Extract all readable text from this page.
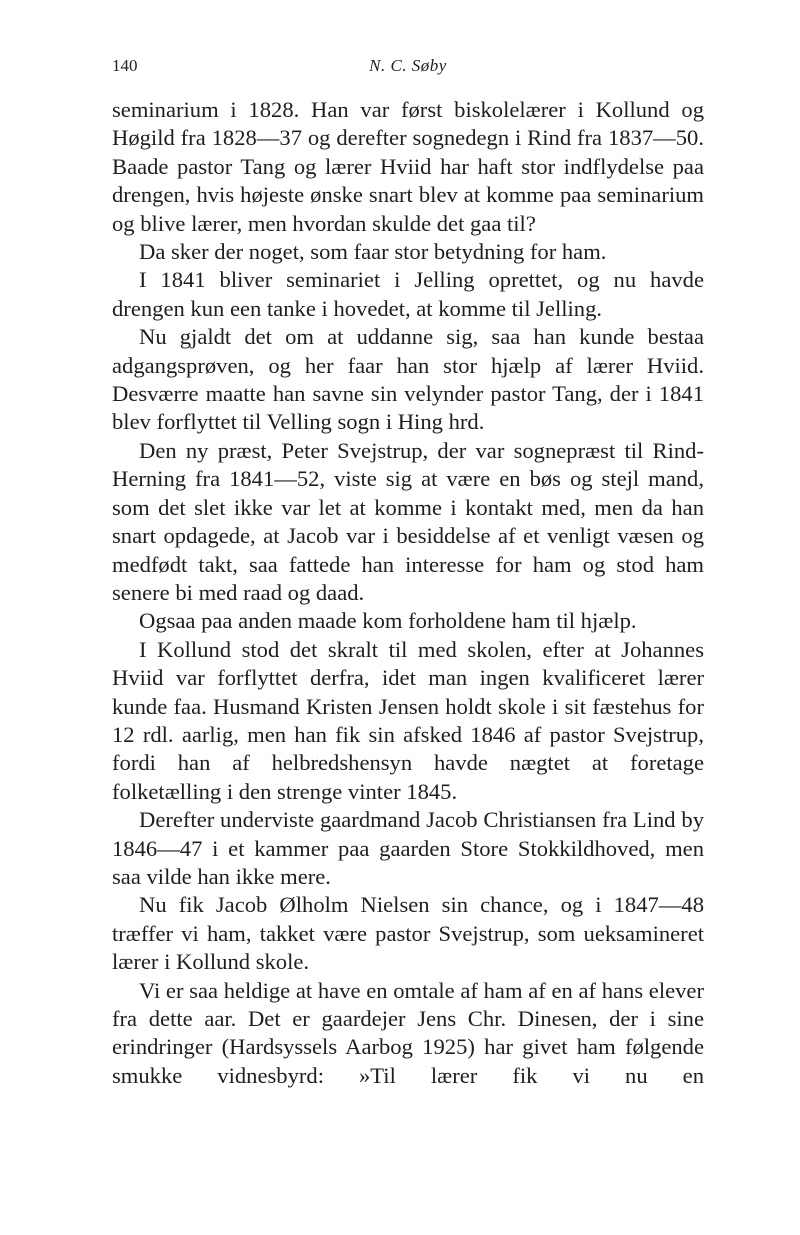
140	N. C. Søby

seminarium i 1828. Han var først biskolelærer i Kollund og Høgild fra 1828—37 og derefter sognedegn i Rind fra 1837—50. Baade pastor Tang og lærer Hviid har haft stor indflydelse paa drengen, hvis højeste ønske snart blev at komme paa seminarium og blive lærer, men hvordan skulde det gaa til?

Da sker der noget, som faar stor betydning for ham.

I 1841 bliver seminariet i Jelling oprettet, og nu havde drengen kun een tanke i hovedet, at komme til Jelling.

Nu gjaldt det om at uddanne sig, saa han kunde bestaa adgangsprøven, og her faar han stor hjælp af lærer Hviid. Desværre maatte han savne sin velynder pastor Tang, der i 1841 blev forflyttet til Velling sogn i Hing hrd.

Den ny præst, Peter Svejstrup, der var sognepræst til Rind-Herning fra 1841—52, viste sig at være en bøs og stejl mand, som det slet ikke var let at komme i kontakt med, men da han snart opdagede, at Jacob var i besiddelse af et venligt væsen og medfødt takt, saa fattede han interesse for ham og stod ham senere bi med raad og daad.

Ogsaa paa anden maade kom forholdene ham til hjælp.

I Kollund stod det skralt til med skolen, efter at Johannes Hviid var forflyttet derfra, idet man ingen kvalificeret lærer kunde faa. Husmand Kristen Jensen holdt skole i sit fæstehus for 12 rdl. aarlig, men han fik sin afsked 1846 af pastor Svejstrup, fordi han af helbredshensyn havde nægtet at foretage folketælling i den strenge vinter 1845.

Derefter underviste gaardmand Jacob Christiansen fra Lind by 1846—47 i et kammer paa gaarden Store Stokkildhoved, men saa vilde han ikke mere.

Nu fik Jacob Ølholm Nielsen sin chance, og i 1847—48 træffer vi ham, takket være pastor Svejstrup, som ueksamineret lærer i Kollund skole.

Vi er saa heldige at have en omtale af ham af en af hans elever fra dette aar. Det er gaardejer Jens Chr. Dinesen, der i sine erindringer (Hardsyssels Aarbog 1925) har givet ham følgende smukke vidnesbyrd: »Til lærer fik vi nu en
